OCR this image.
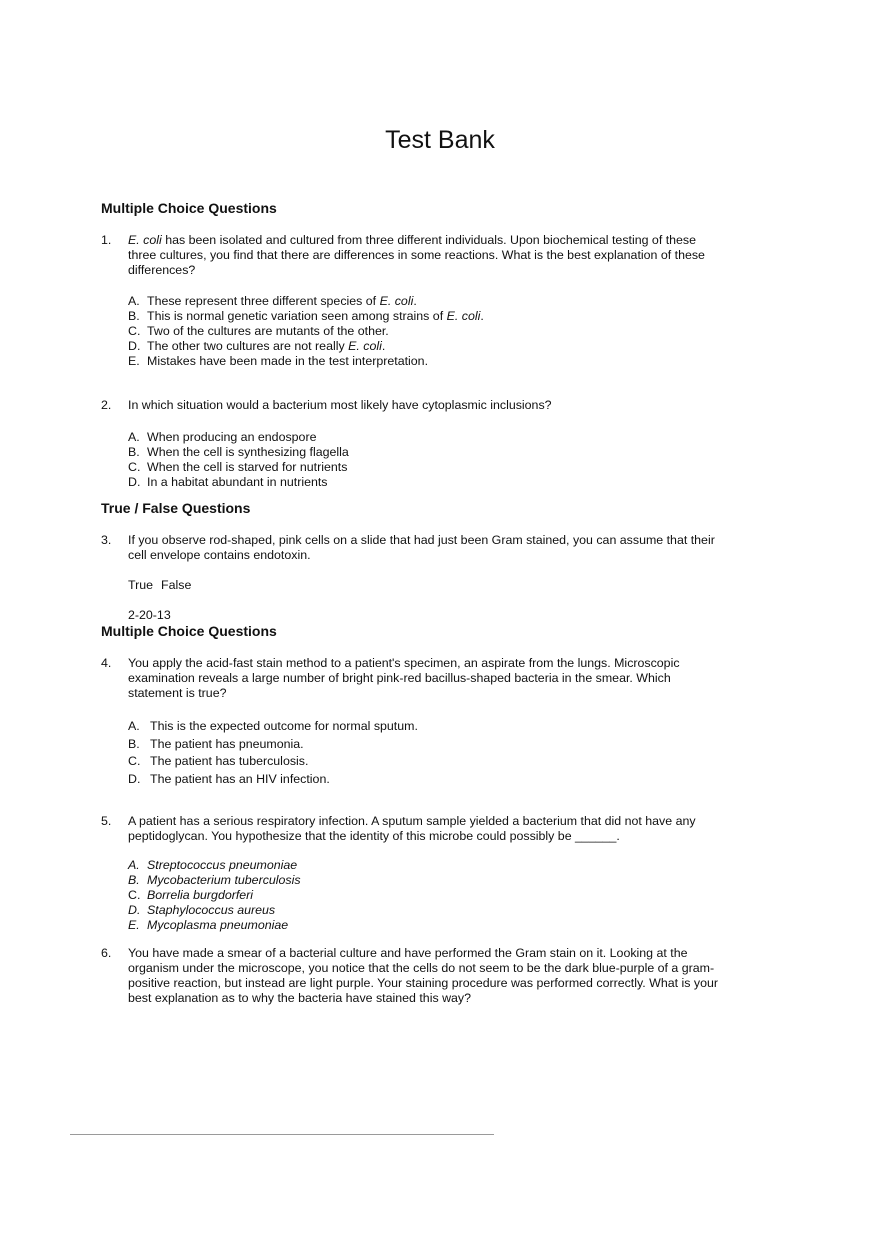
Test Bank
Multiple Choice Questions
1. E. coli has been isolated and cultured from three different individuals. Upon biochemical testing of these three cultures, you find that there are differences in some reactions. What is the best explanation of these differences?
A. These represent three different species of E. coli.
B. This is normal genetic variation seen among strains of E. coli.
C. Two of the cultures are mutants of the other.
D. The other two cultures are not really E. coli.
E. Mistakes have been made in the test interpretation.
2. In which situation would a bacterium most likely have cytoplasmic inclusions?
A. When producing an endospore
B. When the cell is synthesizing flagella
C. When the cell is starved for nutrients
D. In a habitat abundant in nutrients
True / False Questions
3. If you observe rod-shaped, pink cells on a slide that had just been Gram stained, you can assume that their cell envelope contains endotoxin.
True False
2-20-13
Multiple Choice Questions
4. You apply the acid-fast stain method to a patient's specimen, an aspirate from the lungs. Microscopic examination reveals a large number of bright pink-red bacillus-shaped bacteria in the smear. Which statement is true?
A. This is the expected outcome for normal sputum.
B. The patient has pneumonia.
C. The patient has tuberculosis.
D. The patient has an HIV infection.
5. A patient has a serious respiratory infection. A sputum sample yielded a bacterium that did not have any peptidoglycan. You hypothesize that the identity of this microbe could possibly be ______.
A. Streptococcus pneumoniae
B. Mycobacterium tuberculosis
C. Borrelia burgdorferi
D. Staphylococcus aureus
E. Mycoplasma pneumoniae
6. You have made a smear of a bacterial culture and have performed the Gram stain on it. Looking at the organism under the microscope, you notice that the cells do not seem to be the dark blue-purple of a gram-positive reaction, but instead are light purple. Your staining procedure was performed correctly. What is your best explanation as to why the bacteria have stained this way?
